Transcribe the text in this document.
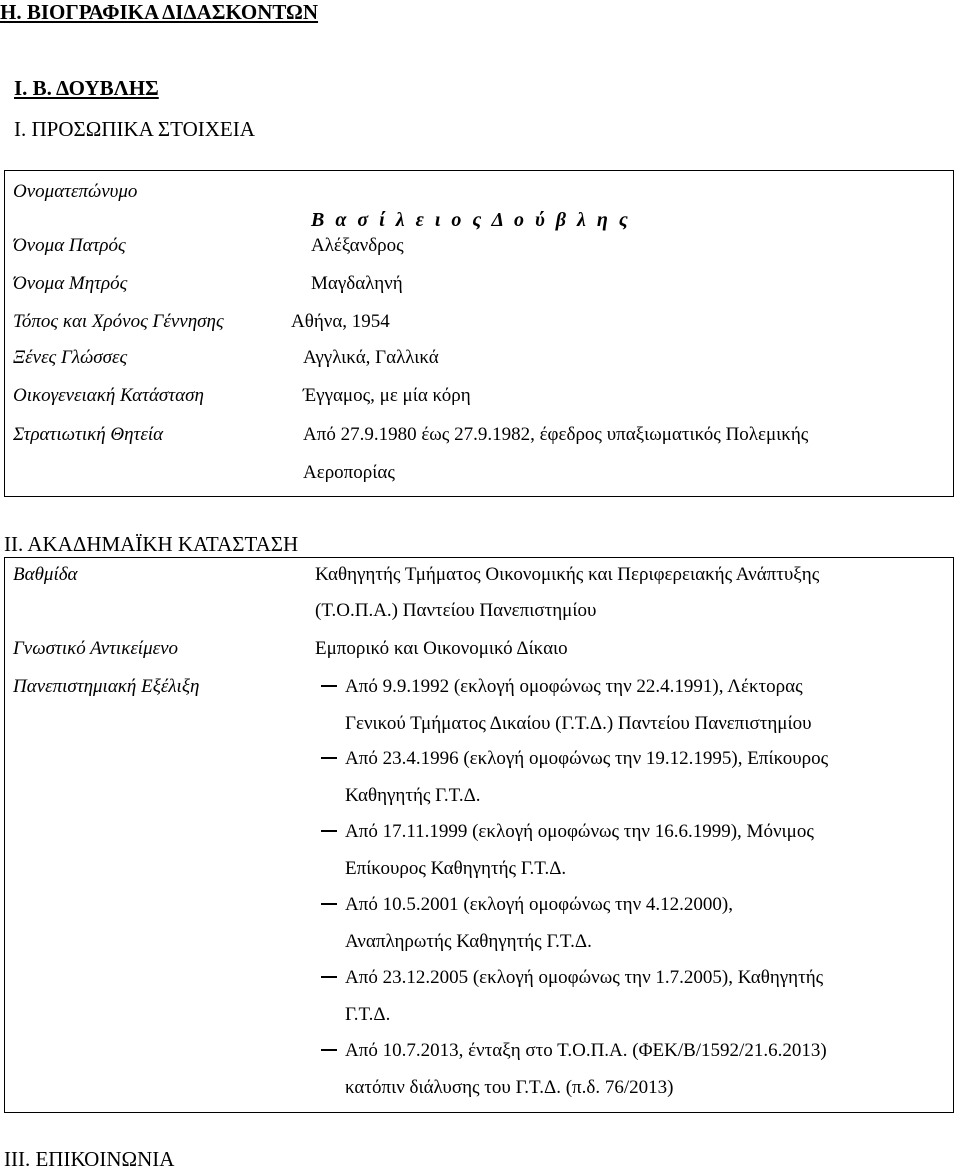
Η. ΒΙΟΓΡΑΦΙΚΑ ΔΙΔΑΣΚΟΝΤΩΝ
Ι. Β. ΔΟΥΒΛΗΣ
Ι. ΠΡΟΣΩΠΙΚΑ ΣΤΟΙΧΕΙΑ
Ονοματεπώνυμο
Β α σ ί λ ε ι ο ς Δ ο ύ β λ η ς
Όνομα Πατρός	Αλέξανδρος
Όνομα Μητρός	Μαγδαληνή
Τόπος και Χρόνος Γέννησης	Αθήνα, 1954
Ξένες Γλώσσες	Αγγλικά, Γαλλικά
Οικογενειακή Κατάσταση	Έγγαμος, με μία κόρη
Στρατιωτική Θητεία	Από 27.9.1980 έως 27.9.1982, έφεδρος υπαξιωματικός Πολεμικής
Αεροπορίας
ΙΙ. ΑΚΑΔΗΜΑΪΚΗ ΚΑΤΑΣΤΑΣΗ
Βαθμίδα	Καθηγητής Τμήματος Οικονομικής και Περιφερειακής Ανάπτυξης
(Τ.Ο.Π.Α.) Παντείου Πανεπιστημίου
Γνωστικό Αντικείμενο	Εμπορικό και Οικονομικό Δίκαιο
Πανεπιστημιακή Εξέλιξη	Από 9.9.1992 (εκλογή ομοφώνως την 22.4.1991), Λέκτορας
Γενικού Τμήματος Δικαίου (Γ.Τ.Δ.) Παντείου Πανεπιστημίου
Από 23.4.1996 (εκλογή ομοφώνως την 19.12.1995), Επίκουρος
Καθηγητής Γ.Τ.Δ.
Από 17.11.1999 (εκλογή ομοφώνως την 16.6.1999), Μόνιμος
Επίκουρος Καθηγητής Γ.Τ.Δ.
Από 10.5.2001 (εκλογή ομοφώνως την 4.12.2000),
Αναπληρωτής Καθηγητής Γ.Τ.Δ.
Από 23.12.2005 (εκλογή ομοφώνως την 1.7.2005), Καθηγητής
Γ.Τ.Δ.
Από 10.7.2013, ένταξη στο Τ.Ο.Π.Α. (ΦΕΚ/Β/1592/21.6.2013)
κατόπιν διάλυσης του Γ.Τ.Δ. (π.δ. 76/2013)
ΙΙΙ. ΕΠΙΚΟΙΝΩΝΙΑ
